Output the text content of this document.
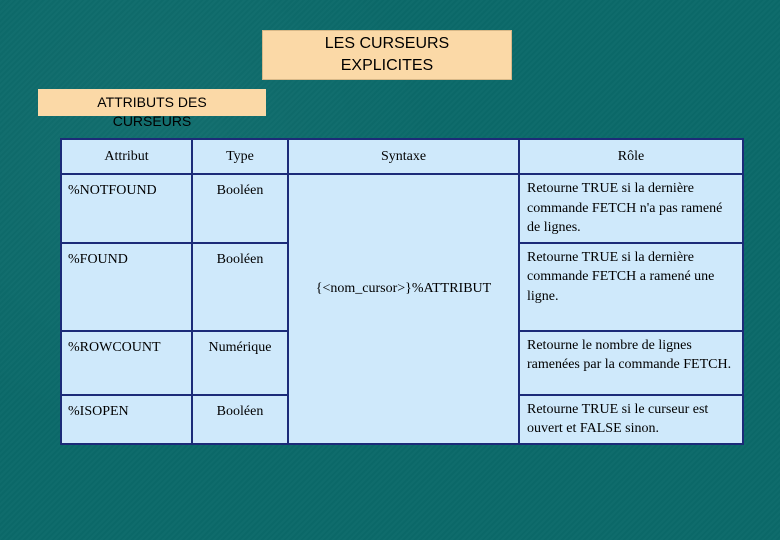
LES CURSEURS
EXPLICITES
ATTRIBUTS DES
CURSEURS
Attribut	Type	Syntaxe	Rôle
%NOTFOUND	Booléen	{<nom_cursor>}%ATTRIBUT	Retourne TRUE si la dernière commande FETCH n'a pas ramené de lignes.
%FOUND	Booléen		Retourne TRUE si la dernière commande FETCH a ramené une ligne.
%ROWCOUNT	Numérique		Retourne le nombre de lignes ramenées par la commande FETCH.
%ISOPEN	Booléen		Retourne TRUE si le curseur est ouvert et FALSE sinon.
